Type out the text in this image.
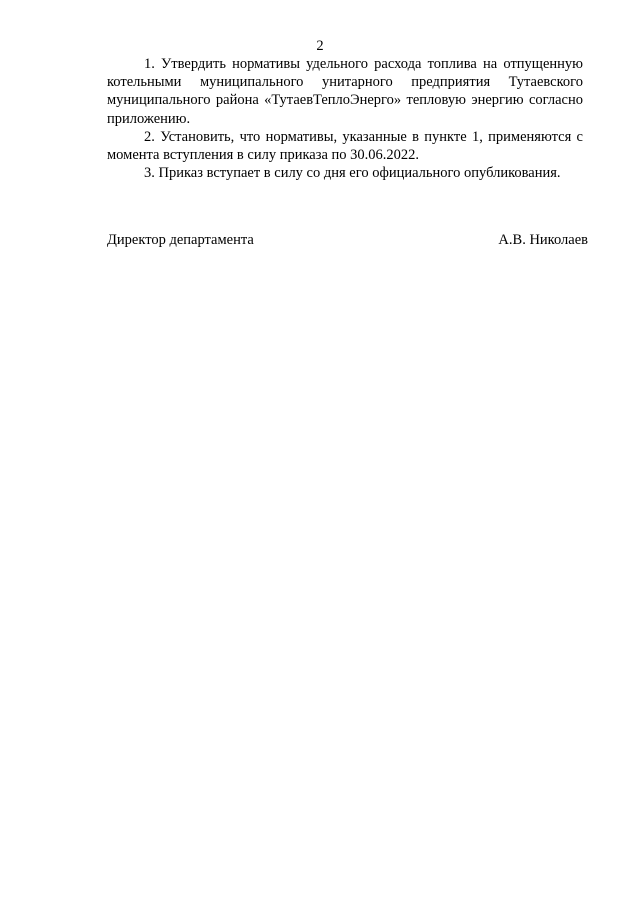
2

1. Утвердить нормативы удельного расхода топлива на отпущенную котельными муниципального унитарного предприятия Тутаевского муниципального района «ТутаевТеплоЭнерго» тепловую энергию согласно приложению.

2. Установить, что нормативы, указанные в пункте 1, применяются с момента вступления в силу приказа по 30.06.2022.

3. Приказ вступает в силу со дня его официального опубликования.

Директор департамента	А.В. Николаев
